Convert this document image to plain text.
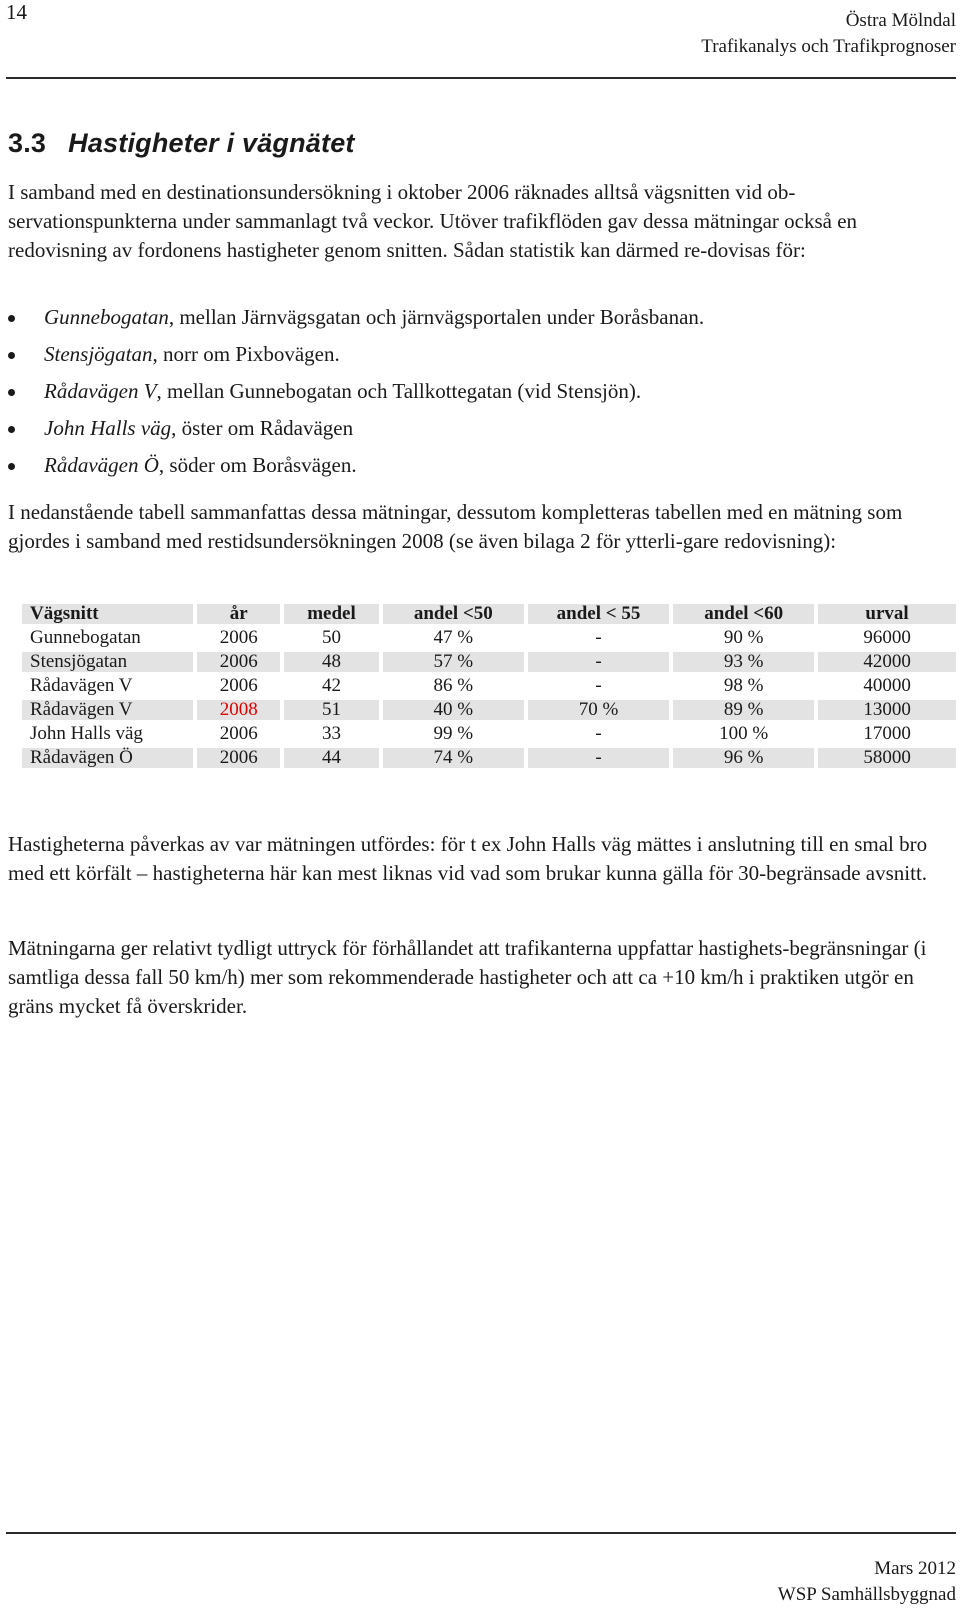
14	Östra Mölndal
Trafikanalys och Trafikprognoser
3.3 Hastigheter i vägnätet

I samband med en destinationsundersökning i oktober 2006 räknades alltså vägsnitten vid ob-servationspunkterna under sammanlagt två veckor. Utöver trafikflöden gav dessa mätningar också en redovisning av fordonens hastigheter genom snitten. Sådan statistik kan därmed re-dovisas för:

Gunnebogatan, mellan Järnvägsgatan och järnvägsportalen under Boråsbanan.
Stensjögatan, norr om Pixbovägen.
Rådavägen V, mellan Gunnebogatan och Tallkottegatan (vid Stensjön).
John Halls väg, öster om Rådavägen
Rådavägen Ö, söder om Boråsvägen.

I nedanstående tabell sammanfattas dessa mätningar, dessutom kompletteras tabellen med en mätning som gjordes i samband med restidsundersökningen 2008 (se även bilaga 2 för ytterli-gare redovisning):

Vägsnitt	år	medel	andel <50	andel < 55	andel <60	urval
Gunnebogatan	2006	50	47 %	-	90 %	96000
Stensjögatan	2006	48	57 %	-	93 %	42000
Rådavägen V	2006	42	86 %	-	98 %	40000
Rådavägen V	2008	51	40 %	70 %	89 %	13000
John Halls väg	2006	33	99 %	-	100 %	17000
Rådavägen Ö	2006	44	74 %	-	96 %	58000

Hastigheterna påverkas av var mätningen utfördes: för t ex John Halls väg mättes i anslutning till en smal bro med ett körfält – hastigheterna här kan mest liknas vid vad som brukar kunna gälla för 30-begränsade avsnitt.

Mätningarna ger relativt tydligt uttryck för förhållandet att trafikanterna uppfattar hastighets-begränsningar (i samtliga dessa fall 50 km/h) mer som rekommenderade hastigheter och att ca +10 km/h i praktiken utgör en gräns mycket få överskrider.

Mars 2012
WSP Samhällsbyggnad
